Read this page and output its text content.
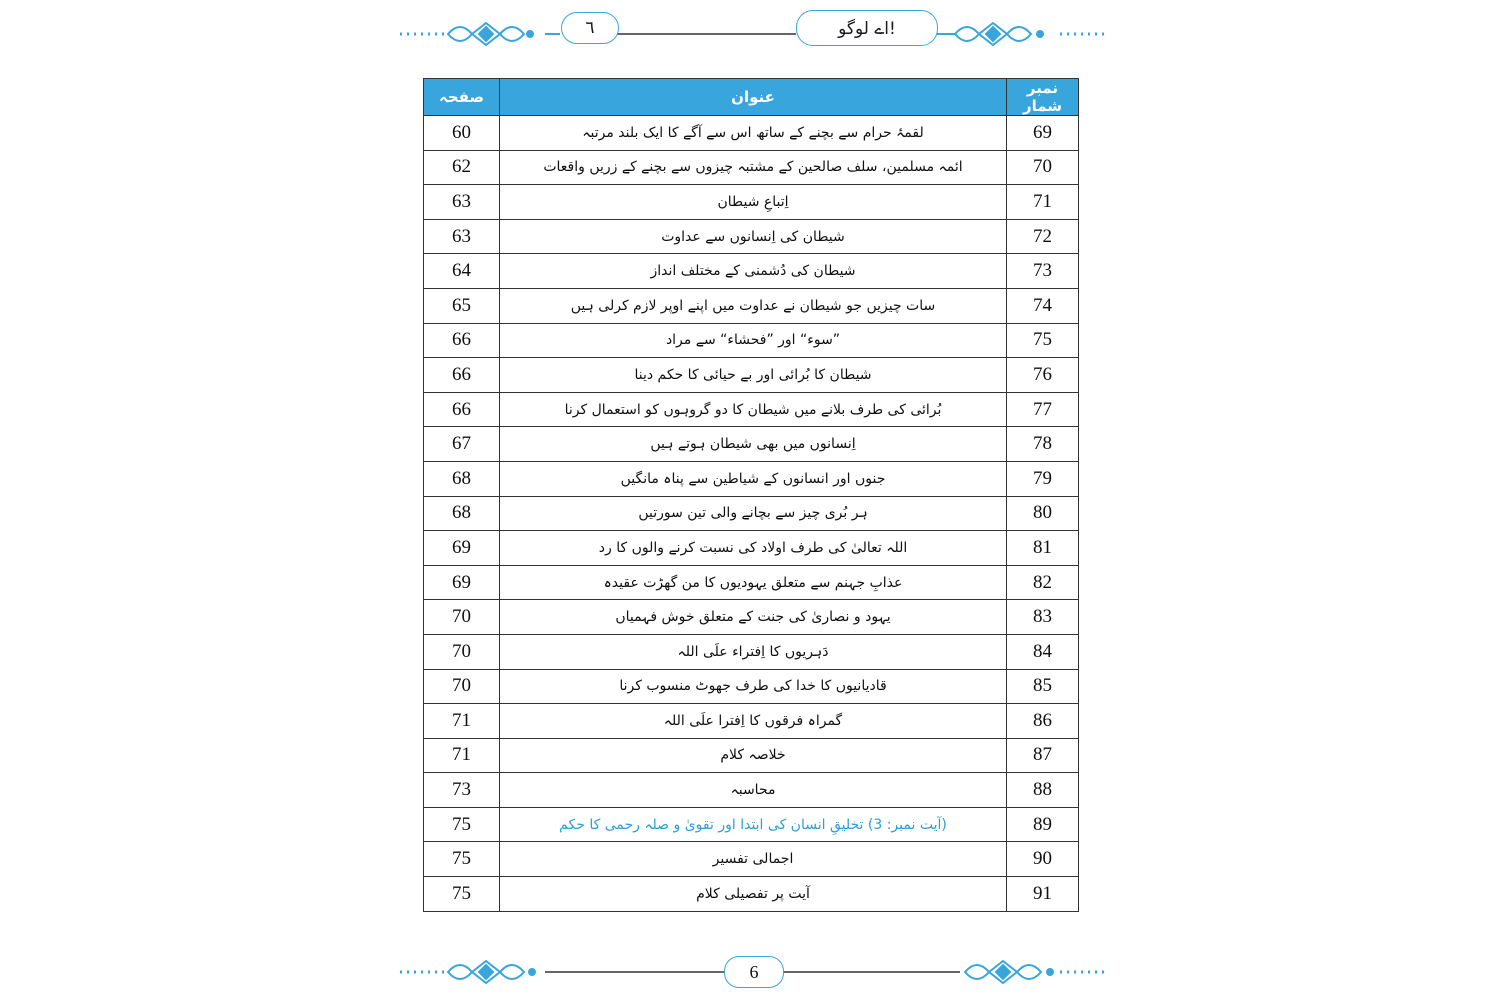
٦	اے لوگو!
صفحہ	عنوان	نمبر شمار
60	لقمۂ حرام سے بچنے کے ساتھ اس سے آگے کا ایک بلند مرتبہ	69
62	ائمہ مسلمین، سلف صالحین کے مشتبہ چیزوں سے بچنے کے زریں واقعات	70
63	اِتباعِ شیطان	71
63	شیطان کی اِنسانوں سے عداوت	72
64	شیطان کی دُشمنی کے مختلف انداز	73
65	سات چیزیں جو شیطان نے عداوت میں اپنے اوپر لازم کرلی ہیں	74
66	”سوء“ اور ”فحشاء“ سے مراد	75
66	شیطان کا بُرائی اور بے حیائی کا حکم دینا	76
66	بُرائی کی طرف بلانے میں شیطان کا دو گروہوں کو استعمال کرنا	77
67	اِنسانوں میں بھی شیطان ہوتے ہیں	78
68	جنوں اور انسانوں کے شیاطین سے پناہ مانگیں	79
68	ہر بُری چیز سے بچانے والی تین سورتیں	80
69	اللہ تعالیٰ کی طرف اولاد کی نسبت کرنے والوں کا رد	81
69	عذابِ جہنم سے متعلق یہودیوں کا من گھڑت عقیدہ	82
70	یہود و نصاریٰ کی جنت کے متعلق خوش فہمیاں	83
70	دَہریوں کا اِفتراء علَی اللہ	84
70	قادیانیوں کا خدا کی طرف جھوٹ منسوب کرنا	85
71	گمراہ فرقوں کا اِفترا علَی اللہ	86
71	خلاصہ کلام	87
73	محاسبہ	88
75	(آیت نمبر: 3) تخلیقِ انسان کی ابتدا اور تقویٰ و صلہ رحمی کا حکم	89
75	اجمالی تفسیر	90
75	آیت پر تفصیلی کلام	91
6
